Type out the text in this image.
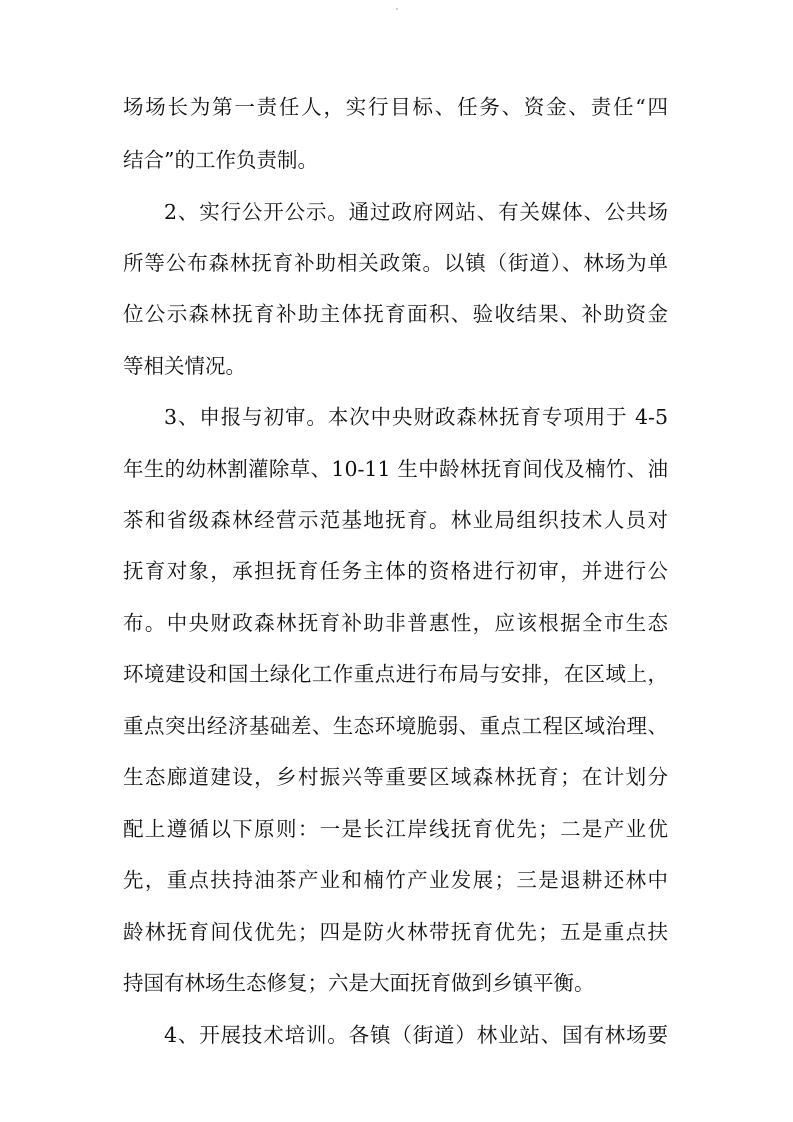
场场长为第一责任人，实行目标、任务、资金、责任“四
结合”的工作负责制。
2、实行公开公示。通过政府网站、有关媒体、公共场
所等公布森林抚育补助相关政策。以镇（街道）、林场为单
位公示森林抚育补助主体抚育面积、验收结果、补助资金
等相关情况。
3、申报与初审。本次中央财政森林抚育专项用于 4-5
年生的幼林割灌除草、10-11 生中龄林抚育间伐及楠竹、油
茶和省级森林经营示范基地抚育。林业局组织技术人员对
抚育对象，承担抚育任务主体的资格进行初审，并进行公
布。中央财政森林抚育补助非普惠性，应该根据全市生态
环境建设和国土绿化工作重点进行布局与安排，在区域上，
重点突出经济基础差、生态环境脆弱、重点工程区域治理、
生态廊道建设，乡村振兴等重要区域森林抚育；在计划分
配上遵循以下原则：一是长江岸线抚育优先；二是产业优
先，重点扶持油茶产业和楠竹产业发展；三是退耕还林中
龄林抚育间伐优先；四是防火林带抚育优先；五是重点扶
持国有林场生态修复；六是大面抚育做到乡镇平衡。
4、开展技术培训。各镇（街道）林业站、国有林场要
